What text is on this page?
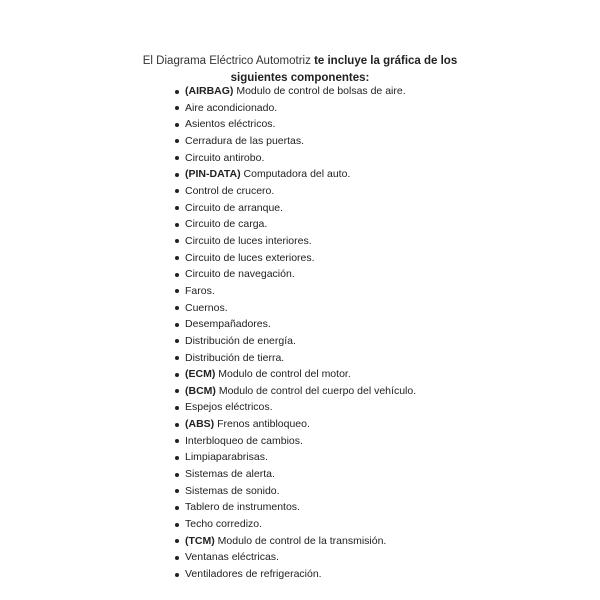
El Diagrama Eléctrico Automotriz te incluye la gráfica de los siguientes componentes:

(AIRBAG) Modulo de control de bolsas de aire.
Aire acondicionado.
Asientos eléctricos.
Cerradura de las puertas.
Circuito antirobo.
(PIN-DATA) Computadora del auto.
Control de crucero.
Circuito de arranque.
Circuito de carga.
Circuito de luces interiores.
Circuito de luces exteriores.
Circuito de navegación.
Faros.
Cuernos.
Desempañadores.
Distribución de energía.
Distribución de tierra.
(ECM) Modulo de control del motor.
(BCM) Modulo de control del cuerpo del vehículo.
Espejos eléctricos.
(ABS) Frenos antibloqueo.
Interbloqueo de cambios.
Limpiaparabrisas.
Sistemas de alerta.
Sistemas de sonido.
Tablero de instrumentos.
Techo corredizo.
(TCM) Modulo de control de la transmisión.
Ventanas eléctricas.
Ventiladores de refrigeración.
